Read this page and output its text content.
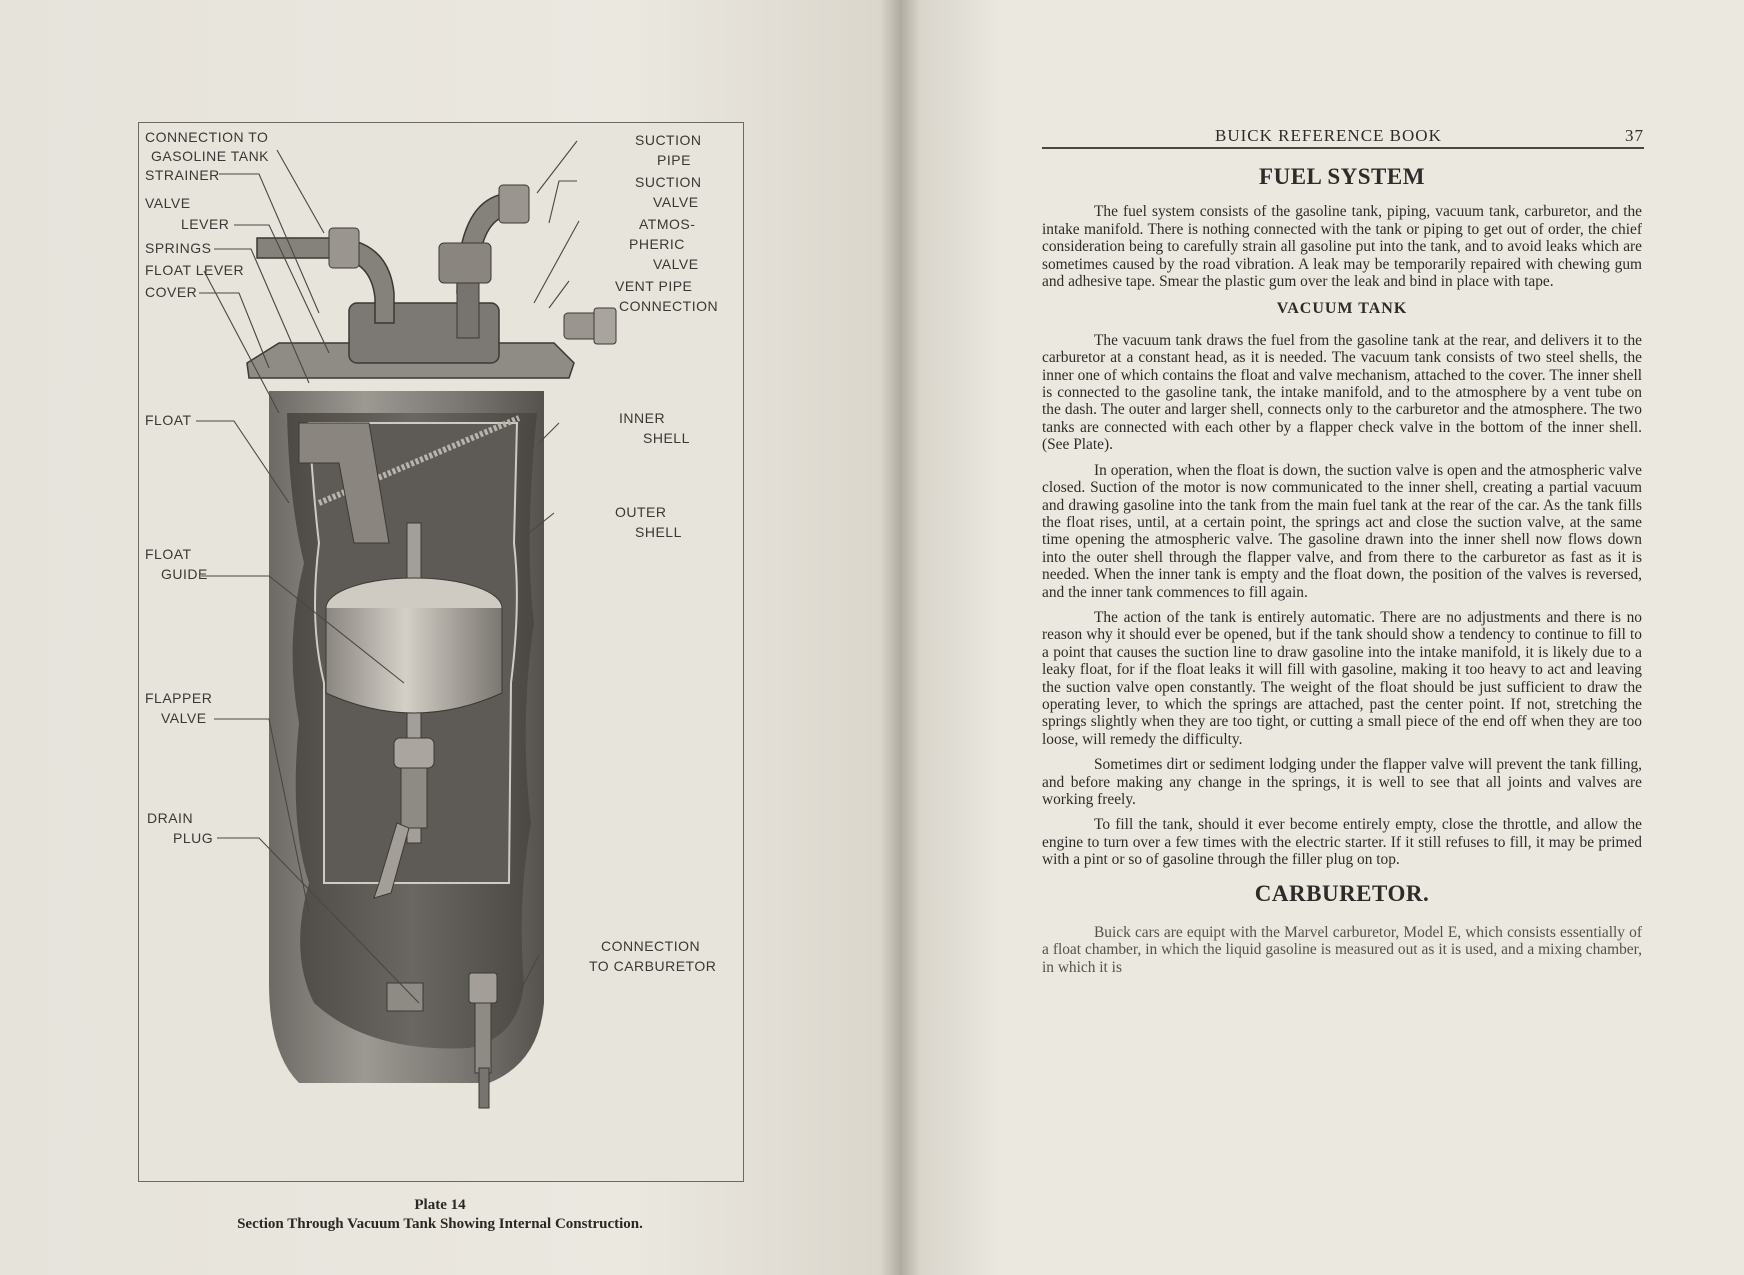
CONNECTION TO
GASOLINE TANK
STRAINER
VALVE
LEVER
SPRINGS
FLOAT LEVER
COVER
FLOAT
FLOAT
GUIDE
FLAPPER
VALVE
DRAIN
PLUG
SUCTION
PIPE
SUCTION
VALVE
ATMOS-
PHERIC
VALVE
VENT PIPE
CONNECTION
INNER
SHELL
OUTER
SHELL
CONNECTION
TO CARBURETOR
Plate 14
Section Through Vacuum Tank Showing Internal Construction.
BUICK REFERENCE BOOK	37
FUEL SYSTEM

The fuel system consists of the gasoline tank, piping, vacuum tank, carburetor, and the intake manifold. There is nothing connected with the tank or piping to get out of order, the chief consideration being to carefully strain all gasoline put into the tank, and to avoid leaks which are sometimes caused by the road vibration. A leak may be temporarily repaired with chewing gum and adhesive tape. Smear the plastic gum over the leak and bind in place with tape.

VACUUM TANK

The vacuum tank draws the fuel from the gasoline tank at the rear, and delivers it to the carburetor at a constant head, as it is needed. The vacuum tank consists of two steel shells, the inner one of which contains the float and valve mechanism, attached to the cover. The inner shell is connected to the gasoline tank, the intake manifold, and to the atmosphere by a vent tube on the dash. The outer and larger shell, connects only to the carburetor and the atmosphere. The two tanks are connected with each other by a flapper check valve in the bottom of the inner shell. (See Plate).

In operation, when the float is down, the suction valve is open and the atmospheric valve closed. Suction of the motor is now communicated to the inner shell, creating a partial vacuum and drawing gasoline into the tank from the main fuel tank at the rear of the car. As the tank fills the float rises, until, at a certain point, the springs act and close the suction valve, at the same time opening the atmospheric valve. The gasoline drawn into the inner shell now flows down into the outer shell through the flapper valve, and from there to the carburetor as fast as it is needed. When the inner tank is empty and the float down, the position of the valves is reversed, and the inner tank commences to fill again.

The action of the tank is entirely automatic. There are no adjustments and there is no reason why it should ever be opened, but if the tank should show a tendency to continue to fill to a point that causes the suction line to draw gasoline into the intake manifold, it is likely due to a leaky float, for if the float leaks it will fill with gasoline, making it too heavy to act and leaving the suction valve open constantly. The weight of the float should be just sufficient to draw the operating lever, to which the springs are attached, past the center point. If not, stretching the springs slightly when they are too tight, or cutting a small piece of the end off when they are too loose, will remedy the difficulty.

Sometimes dirt or sediment lodging under the flapper valve will prevent the tank filling, and before making any change in the springs, it is well to see that all joints and valves are working freely.

To fill the tank, should it ever become entirely empty, close the throttle, and allow the engine to turn over a few times with the electric starter. If it still refuses to fill, it may be primed with a pint or so of gasoline through the filler plug on top.

CARBURETOR.

Buick cars are equipt with the Marvel carburetor, Model E, which consists essentially of a float chamber, in which the liquid gasoline is measured out as it is used, and a mixing chamber, in which it is
